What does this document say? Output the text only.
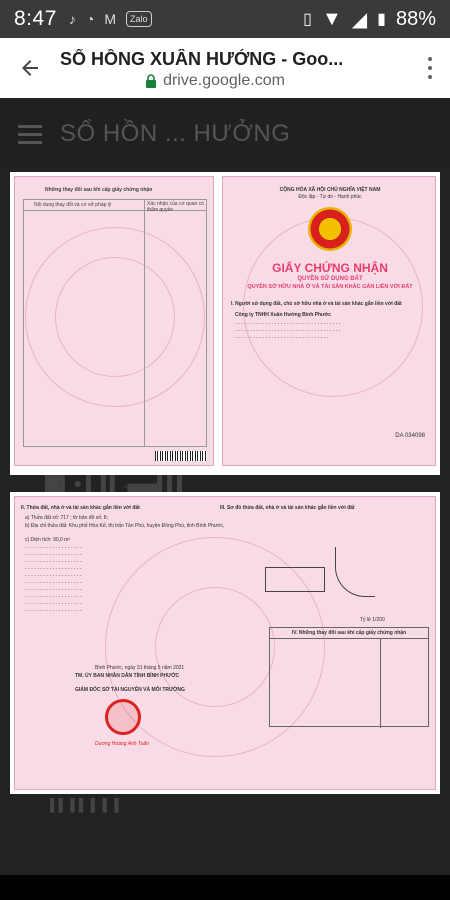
8:47 ♪ ◔ M	Zalo	▯ ▼ ◢ ▮ 88%
SỔ HỒNG XUÂN HƯỞNG - Goo...
drive.google.com
SỔ HỒN ... HƯỞNG
Những thay đổi sau khi cấp giấy chứng nhận
Nội dung thay đổi và cơ sở pháp lý	Xác nhận của cơ quan có thẩm quyền
CỘNG HÒA XÃ HỘI CHỦ NGHĨA VIỆT NAM
Độc lập - Tự do - Hạnh phúc
GIẤY CHỨNG NHẬN
QUYỀN SỬ DỤNG ĐẤT
QUYỀN SỞ HỮU NHÀ Ở VÀ TÀI SẢN KHÁC GẮN LIỀN VỚI ĐẤT
I. Người sử dụng đất, chủ sở hữu nhà ở và tài sản khác gắn liền với đất
Công ty TNHH Xuân Hưởng Bình Phước
- - - - - - - - - - - - - - - - - - - - - - - - - - - - - - - - - - -
- - - - - - - - - - - - - - - - - - - - - - - - - - - - - - - - - - -
- - - - - - - - - - - - - - - - - - - - - - - - - - - - - - -
DA 034098
▐█▌ ● ▌▐ ▌ .▄▄▄▌▌▌
II. Thửa đất, nhà ở và tài sản khác gắn liền với đất
a) Thửa đất số: 717 ; tờ bản đồ số: 8;
b) Địa chỉ thửa đất: Khu phố Hòa Kế, thị trấn Tân Phú, huyện Đồng Phú, tỉnh Bình Phước,
c) Diện tích: 90,0 m²
- - - - - - - - - - - - - - - - - - -
- - - - - - - - - - - - - - - - - - -
- - - - - - - - - - - - - - - - - - -
- - - - - - - - - - - - - - - - - - -
- - - - - - - - - - - - - - - - - - -
- - - - - - - - - - - - - - - - - - -
- - - - - - - - - - - - - - - - - - -
- - - - - - - - - - - - - - - - - - -
- - - - - - - - - - - - - - - - - - -
- - - - - - - - - - - - - - - - - - -
III. Sơ đồ thửa đất, nhà ở và tài sản khác gắn liền với đất
Tỷ lệ 1/200
IV. Những thay đổi sau khi cấp giấy chứng nhận
Bình Phước, ngày 31 tháng 5 năm 2021
TM. ỦY BAN NHÂN DÂN TỈNH BÌNH PHƯỚC
GIÁM ĐỐC SỞ TÀI NGUYÊN VÀ MÔI TRƯỜNG
Dương Hoàng Anh Tuấn
▌▌ ▌▌ ▌ ▌ ▌
